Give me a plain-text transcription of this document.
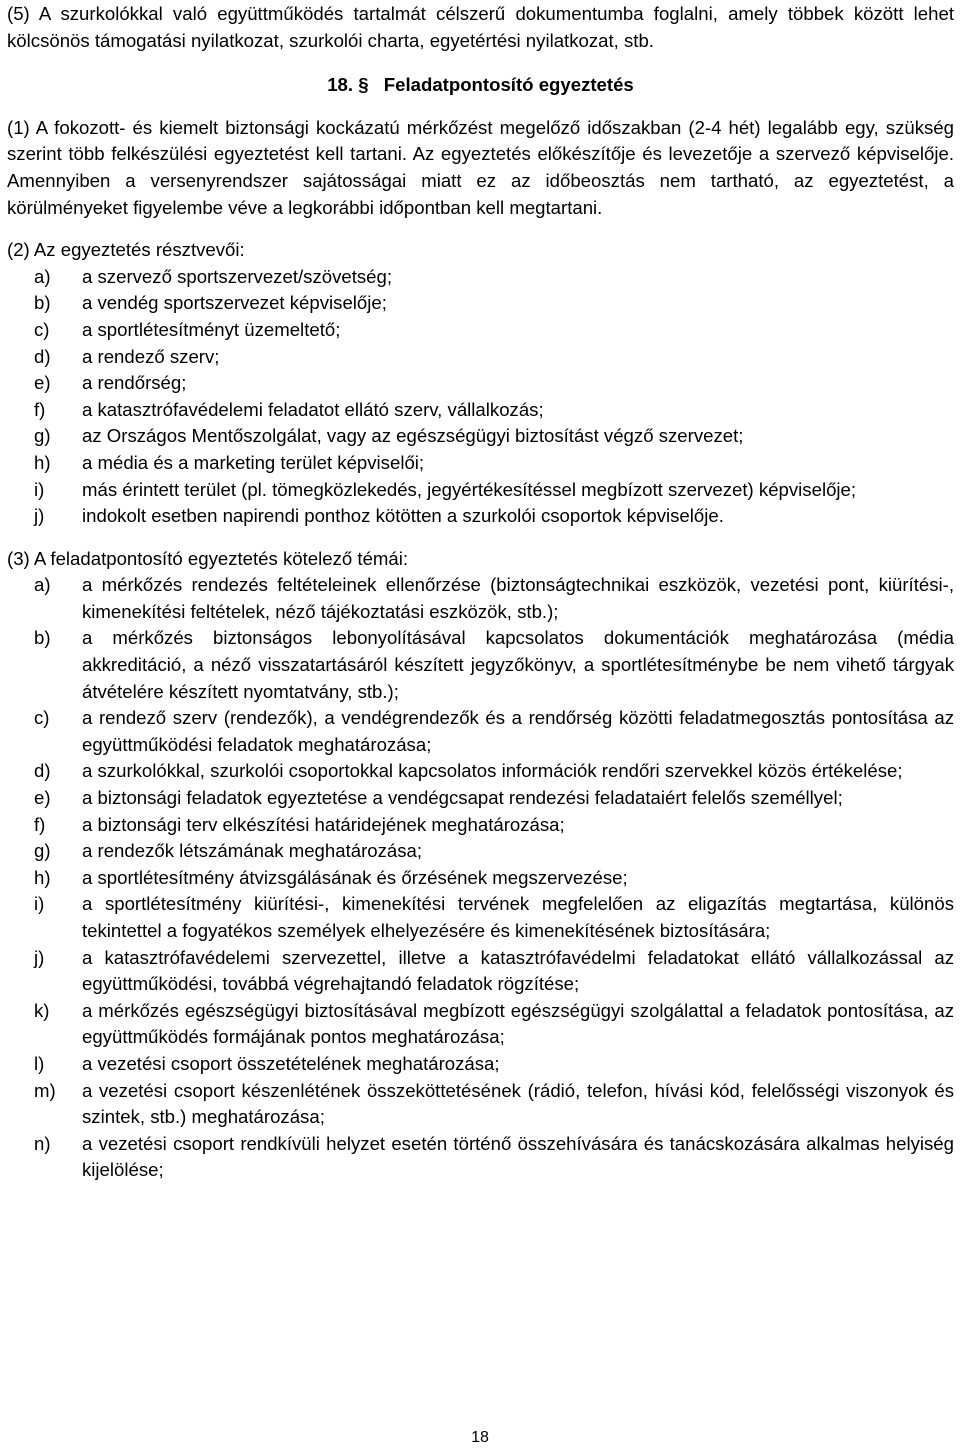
(5) A szurkolókkal való együttműködés tartalmát célszerű dokumentumba foglalni, amely többek között lehet kölcsönös támogatási nyilatkozat, szurkolói charta, egyetértési nyilatkozat, stb.

18. § Feladatpontosító egyeztetés

(1) A fokozott- és kiemelt biztonsági kockázatú mérkőzést megelőző időszakban (2-4 hét) legalább egy, szükség szerint több felkészülési egyeztetést kell tartani. Az egyeztetés előkészítője és levezetője a szervező képviselője. Amennyiben a versenyrendszer sajátosságai miatt ez az időbeosztás nem tartható, az egyeztetést, a körülményeket figyelembe véve a legkorábbi időpontban kell megtartani.

(2) Az egyeztetés résztvevői:

a)	a szervező sportszervezet/szövetség;
b)	a vendég sportszervezet képviselője;
c)	a sportlétesítményt üzemeltető;
d)	a rendező szerv;
e)	a rendőrség;
f)	a katasztrófavédelemi feladatot ellátó szerv, vállalkozás;
g)	az Országos Mentőszolgálat, vagy az egészségügyi biztosítást végző szervezet;
h)	a média és a marketing terület képviselői;
i)	más érintett terület (pl. tömegközlekedés, jegyértékesítéssel megbízott szervezet) képviselője;
j)	indokolt esetben napirendi ponthoz kötötten a szurkolói csoportok képviselője.

(3) A feladatpontosító egyeztetés kötelező témái:

a)	a mérkőzés rendezés feltételeinek ellenőrzése (biztonságtechnikai eszközök, vezetési pont, kiürítési-, kimenekítési feltételek, néző tájékoztatási eszközök, stb.);
b)	a mérkőzés biztonságos lebonyolításával kapcsolatos dokumentációk meghatározása (média akkreditáció, a néző visszatartásáról készített jegyzőkönyv, a sportlétesítménybe be nem vihető tárgyak átvételére készített nyomtatvány, stb.);
c)	a rendező szerv (rendezők), a vendégrendezők és a rendőrség közötti feladatmegosztás pontosítása az együttműködési feladatok meghatározása;
d)	a szurkolókkal, szurkolói csoportokkal kapcsolatos információk rendőri szervekkel közös értékelése;
e)	a biztonsági feladatok egyeztetése a vendégcsapat rendezési feladataiért felelős személlyel;
f)	a biztonsági terv elkészítési határidejének meghatározása;
g)	a rendezők létszámának meghatározása;
h)	a sportlétesítmény átvizsgálásának és őrzésének megszervezése;
i)	a sportlétesítmény kiürítési-, kimenekítési tervének megfelelően az eligazítás megtartása, különös tekintettel a fogyatékos személyek elhelyezésére és kimenekítésének biztosítására;
j)	a katasztrófavédelemi szervezettel, illetve a katasztrófavédelmi feladatokat ellátó vállalkozással az együttműködési, továbbá végrehajtandó feladatok rögzítése;
k)	a mérkőzés egészségügyi biztosításával megbízott egészségügyi szolgálattal a feladatok pontosítása, az együttműködés formájának pontos meghatározása;
l)	a vezetési csoport összetételének meghatározása;
m)	a vezetési csoport készenlétének összeköttetésének (rádió, telefon, hívási kód, felelősségi viszonyok és szintek, stb.) meghatározása;
n)	a vezetési csoport rendkívüli helyzet esetén történő összehívására és tanácskozására alkalmas helyiség kijelölése;
18
